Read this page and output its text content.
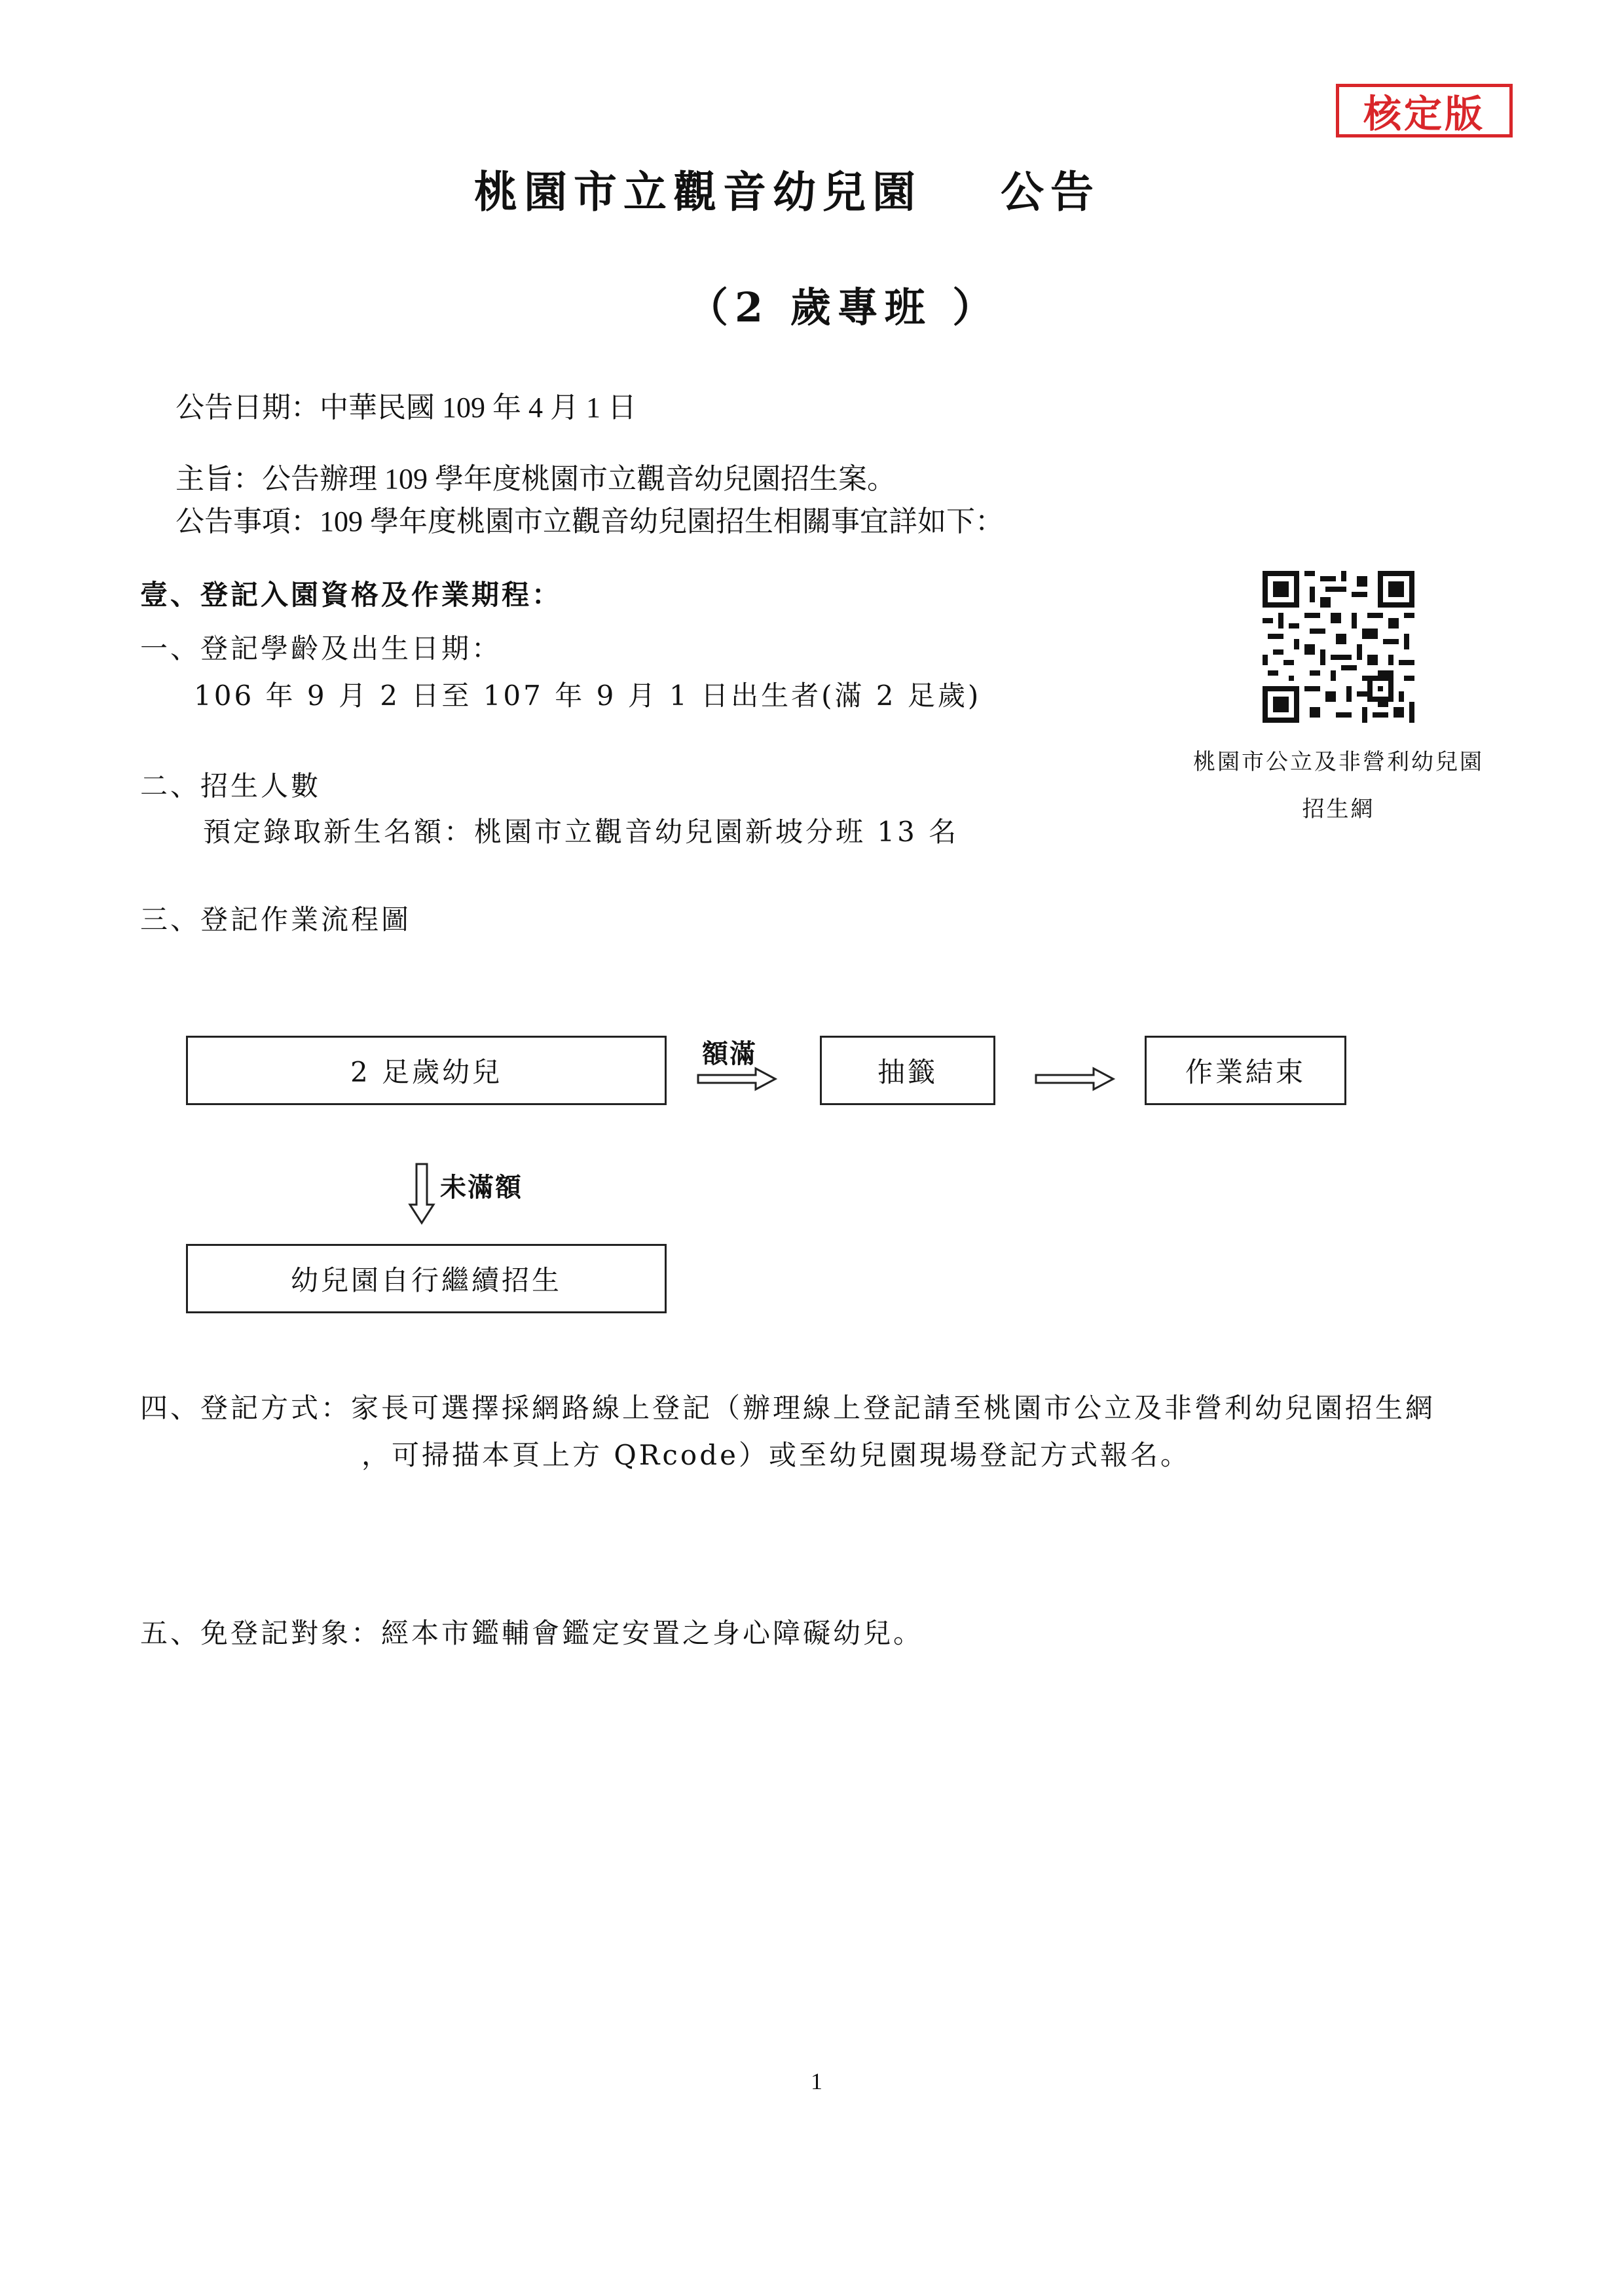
核定版
桃園市立觀音幼兒園 公告
（2 歲專班 ）
公告日期：中華民國 109 年 4 月 1 日
主旨：公告辦理 109 學年度桃園市立觀音幼兒園招生案。
公告事項：109 學年度桃園市立觀音幼兒園招生相關事宜詳如下：
壹、登記入園資格及作業期程：
一、登記學齡及出生日期：
106 年 9 月 2 日至 107 年 9 月 1 日出生者(滿 2 足歲)
二、招生人數
預定錄取新生名額：桃園市立觀音幼兒園新坡分班 13 名
三、登記作業流程圖
桃園市公立及非營利幼兒園
招生網
2 足歲幼兒
額滿
抽籤	作業結束
未滿額
幼兒園自行繼續招生
四、登記方式：家長可選擇採網路線上登記（辦理線上登記請至桃園市公立及非營利幼兒園招生網
，可掃描本頁上方 QRcode）或至幼兒園現場登記方式報名。
五、免登記對象：經本市鑑輔會鑑定安置之身心障礙幼兒。
1
